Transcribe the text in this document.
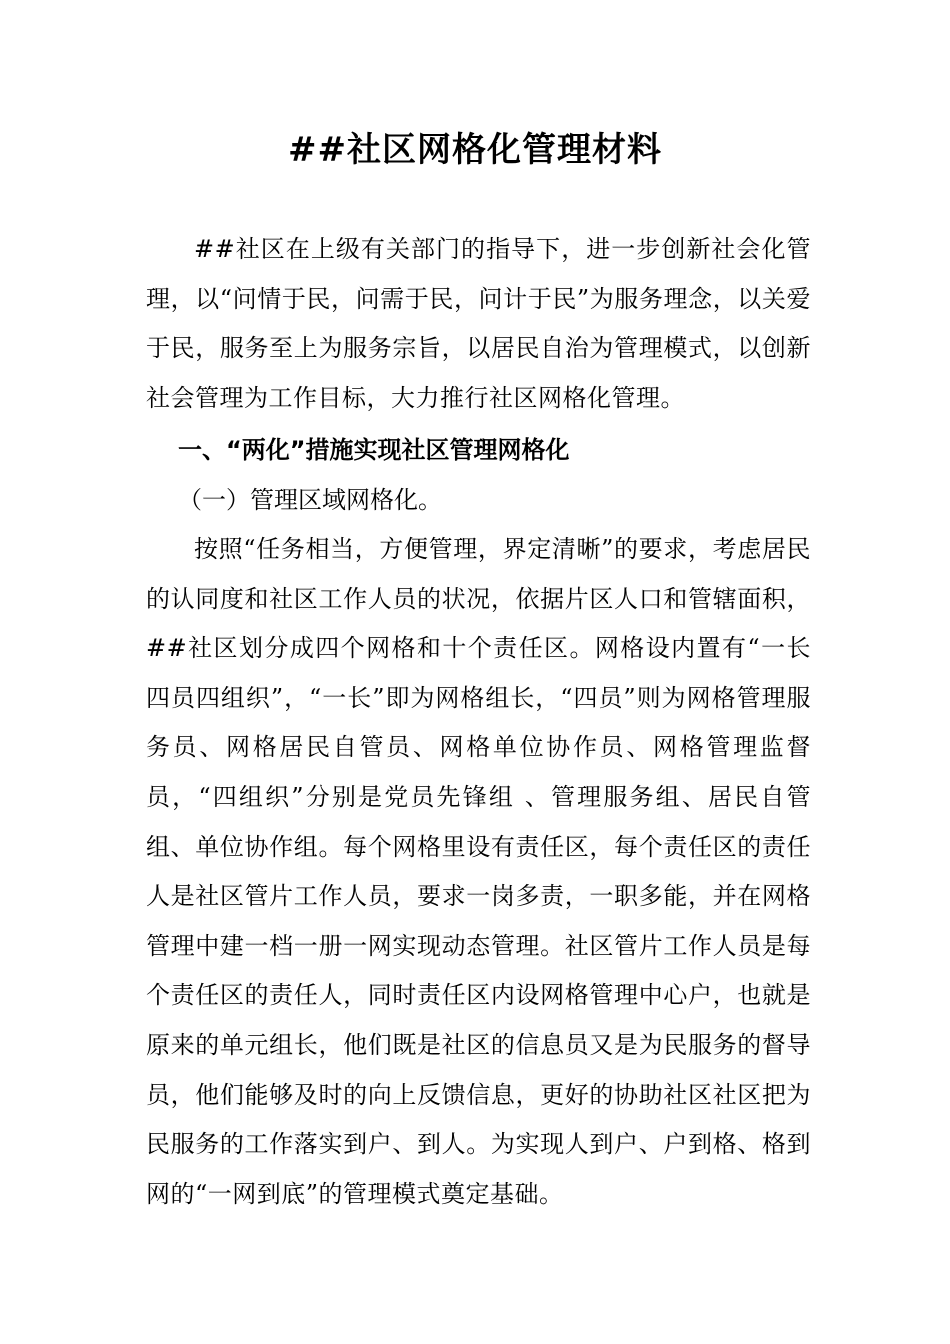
##社区网格化管理材料
##社区在上级有关部门的指导下，进一步创新社会化管理，以“问情于民，问需于民，问计于民”为服务理念，以关爱于民，服务至上为服务宗旨，以居民自治为管理模式，以创新社会管理为工作目标，大力推行社区网格化管理。
一、“两化”措施实现社区管理网格化
（一）管理区域网格化。
按照“任务相当，方便管理，界定清晰”的要求，考虑居民的认同度和社区工作人员的状况，依据片区人口和管辖面积，##社区划分成四个网格和十个责任区。网格设内置有“一长四员四组织”，“一长”即为网格组长，“四员”则为网格管理服务员、网格居民自管员、网格单位协作员、网格管理监督员，“四组织”分别是党员先锋组 、管理服务组、居民自管组、单位协作组。每个网格里设有责任区，每个责任区的责任人是社区管片工作人员，要求一岗多责，一职多能，并在网格管理中建一档一册一网实现动态管理。社区管片工作人员是每个责任区的责任人，同时责任区内设网格管理中心户，也就是原来的单元组长，他们既是社区的信息员又是为民服务的督导员，他们能够及时的向上反馈信息，更好的协助社区社区把为民服务的工作落实到户、到人。为实现人到户、户到格、格到网的“一网到底”的管理模式奠定基础。
